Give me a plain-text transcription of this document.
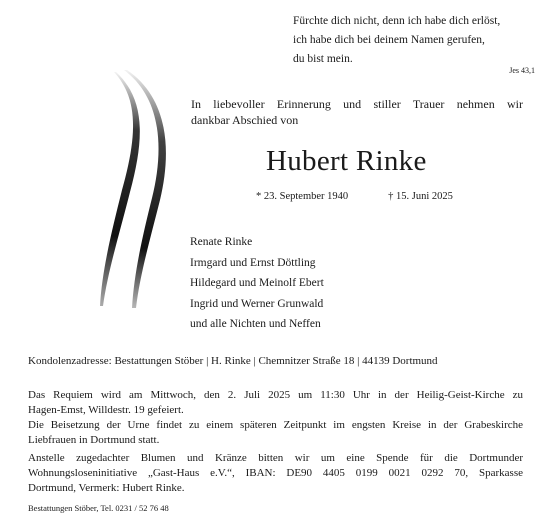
Fürchte dich nicht, denn ich habe dich erlöst,
ich habe dich bei deinem Namen gerufen,
du bist mein.
Jes 43,1
In liebevoller Erinnerung und stiller Trauer nehmen wir
dankbar Abschied von
Hubert Rinke
* 23. September 1940	† 15. Juni 2025
Renate Rinke
Irmgard und Ernst Döttling
Hildegard und Meinolf Ebert
Ingrid und Werner Grunwald
und alle Nichten und Neffen
Kondolenzadresse: Bestattungen Stöber | H. Rinke | Chemnitzer Straße 18 | 44139 Dortmund

Das Requiem wird am Mittwoch, den 2. Juli 2025 um 11:30 Uhr in der Heilig-Geist-Kirche zu
Hagen-Emst, Willdestr. 19 gefeiert.

Die Beisetzung der Urne findet zu einem späteren Zeitpunkt im engsten Kreise in der Grabeskirche
Liebfrauen in Dortmund statt.

Anstelle zugedachter Blumen und Kränze bitten wir um eine Spende für die Dortmunder
Wohnungsloseninitiative „Gast-Haus e.V.“, IBAN: DE90 4405 0199 0021 0292 70, Sparkasse
Dortmund, Vermerk: Hubert Rinke.

Bestattungen Stöber, Tel. 0231 / 52 76 48
